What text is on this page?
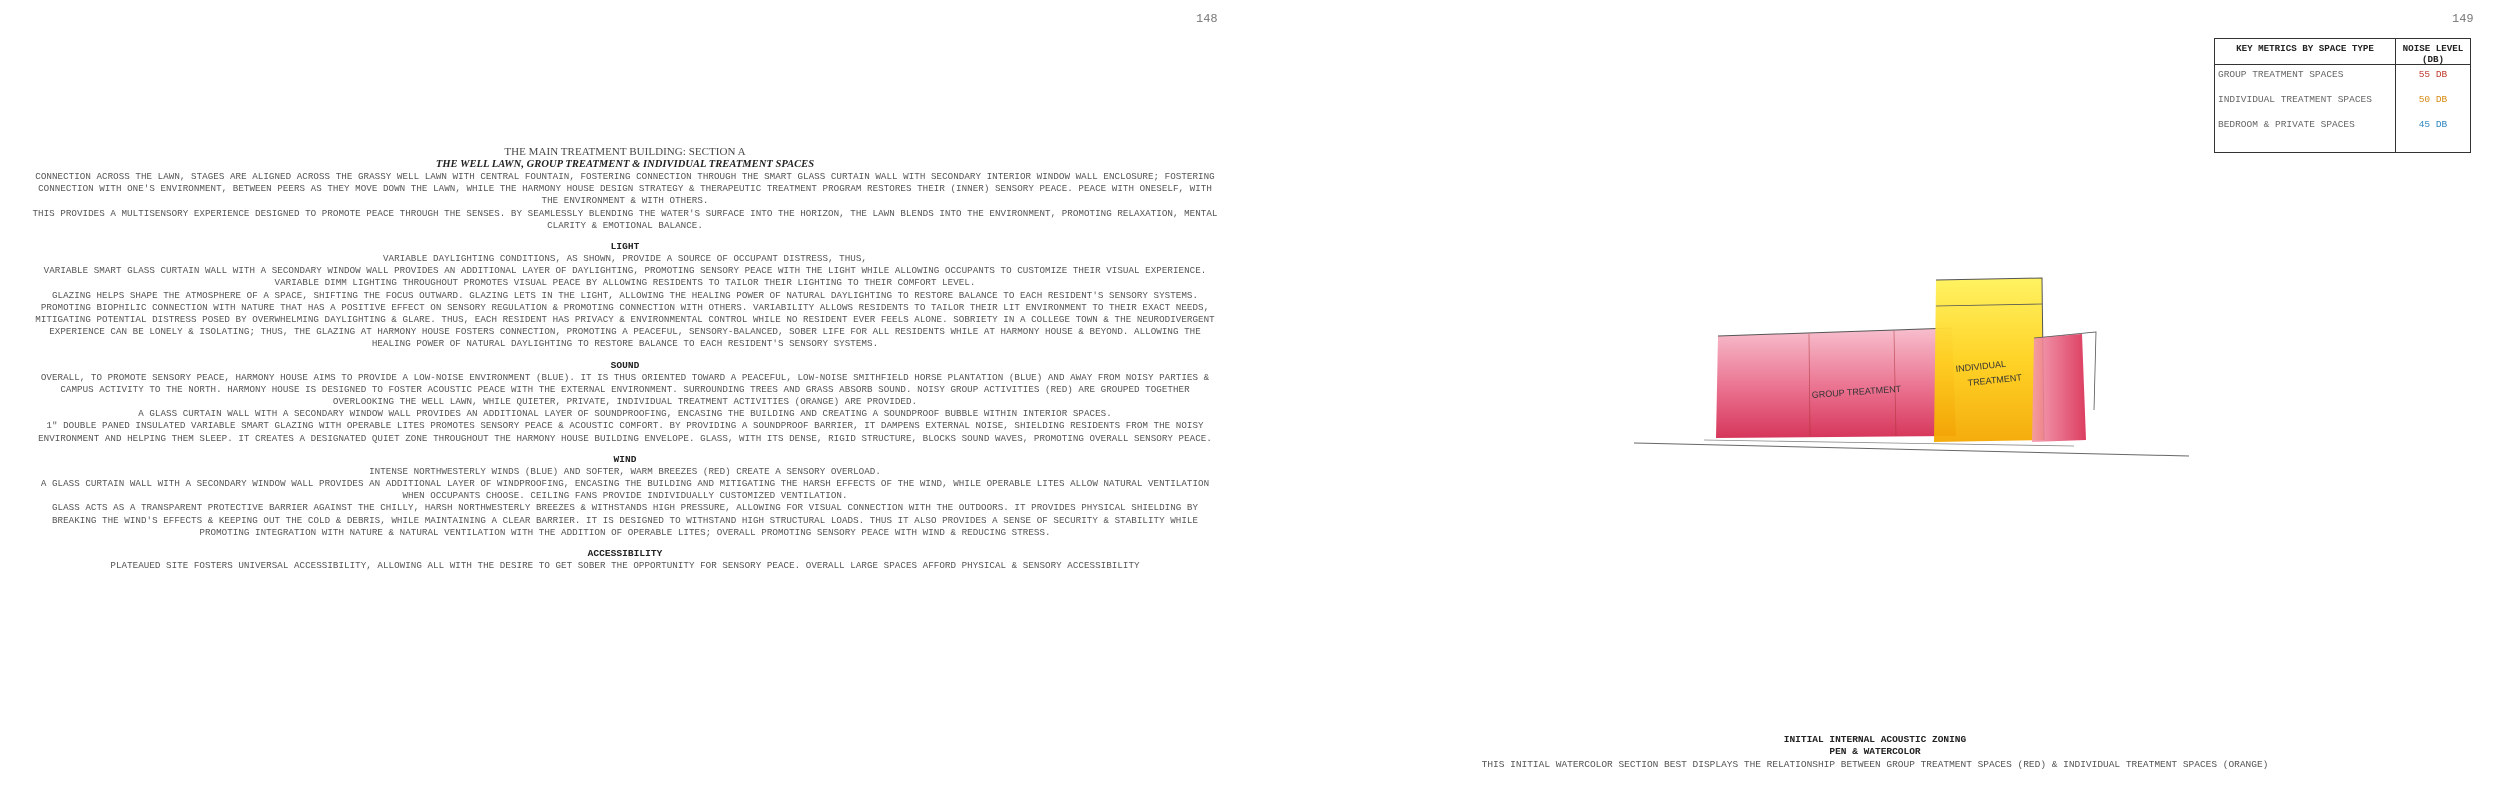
148
THE MAIN TREATMENT BUILDING: SECTION A
THE WELL LAWN, GROUP TREATMENT & INDIVIDUAL TREATMENT SPACES

CONNECTION ACROSS THE LAWN, STAGES ARE ALIGNED ACROSS THE GRASSY WELL LAWN WITH CENTRAL FOUNTAIN, FOSTERING CONNECTION THROUGH THE SMART GLASS CURTAIN WALL WITH SECONDARY INTERIOR WINDOW WALL ENCLOSURE; FOSTERING CONNECTION WITH ONE'S ENVIRONMENT, BETWEEN PEERS AS THEY MOVE DOWN THE LAWN, WHILE THE HARMONY HOUSE DESIGN STRATEGY & THERAPEUTIC TREATMENT PROGRAM RESTORES THEIR (INNER) SENSORY PEACE. PEACE WITH ONESELF, WITH THE ENVIRONMENT & WITH OTHERS.

THIS PROVIDES A MULTISENSORY EXPERIENCE DESIGNED TO PROMOTE PEACE THROUGH THE SENSES. BY SEAMLESSLY BLENDING THE WATER'S SURFACE INTO THE HORIZON, THE LAWN BLENDS INTO THE ENVIRONMENT, PROMOTING RELAXATION, MENTAL CLARITY & EMOTIONAL BALANCE.

LIGHT

VARIABLE DAYLIGHTING CONDITIONS, AS SHOWN, PROVIDE A SOURCE OF OCCUPANT DISTRESS, THUS,

VARIABLE SMART GLASS CURTAIN WALL WITH A SECONDARY WINDOW WALL PROVIDES AN ADDITIONAL LAYER OF DAYLIGHTING, PROMOTING SENSORY PEACE WITH THE LIGHT WHILE ALLOWING OCCUPANTS TO CUSTOMIZE THEIR VISUAL EXPERIENCE. VARIABLE DIMM LIGHTING THROUGHOUT PROMOTES VISUAL PEACE BY ALLOWING RESIDENTS TO TAILOR THEIR LIGHTING TO THEIR COMFORT LEVEL.

GLAZING HELPS SHAPE THE ATMOSPHERE OF A SPACE, SHIFTING THE FOCUS OUTWARD. GLAZING LETS IN THE LIGHT, ALLOWING THE HEALING POWER OF NATURAL DAYLIGHTING TO RESTORE BALANCE TO EACH RESIDENT'S SENSORY SYSTEMS. PROMOTING BIOPHILIC CONNECTION WITH NATURE THAT HAS A POSITIVE EFFECT ON SENSORY REGULATION & PROMOTING CONNECTION WITH OTHERS. VARIABILITY ALLOWS RESIDENTS TO TAILOR THEIR LIT ENVIRONMENT TO THEIR EXACT NEEDS, MITIGATING POTENTIAL DISTRESS POSED BY OVERWHELMING DAYLIGHTING & GLARE. THUS, EACH RESIDENT HAS PRIVACY & ENVIRONMENTAL CONTROL WHILE NO RESIDENT EVER FEELS ALONE. SOBRIETY IN A COLLEGE TOWN & THE NEURODIVERGENT EXPERIENCE CAN BE LONELY & ISOLATING; THUS, THE GLAZING AT HARMONY HOUSE FOSTERS CONNECTION, PROMOTING A PEACEFUL, SENSORY-BALANCED, SOBER LIFE FOR ALL RESIDENTS WHILE AT HARMONY HOUSE & BEYOND. ALLOWING THE HEALING POWER OF NATURAL DAYLIGHTING TO RESTORE BALANCE TO EACH RESIDENT'S SENSORY SYSTEMS.

SOUND

OVERALL, TO PROMOTE SENSORY PEACE, HARMONY HOUSE AIMS TO PROVIDE A LOW-NOISE ENVIRONMENT (BLUE). IT IS THUS ORIENTED TOWARD A PEACEFUL, LOW-NOISE SMITHFIELD HORSE PLANTATION (BLUE) AND AWAY FROM NOISY PARTIES & CAMPUS ACTIVITY TO THE NORTH. HARMONY HOUSE IS DESIGNED TO FOSTER ACOUSTIC PEACE WITH THE EXTERNAL ENVIRONMENT. SURROUNDING TREES AND GRASS ABSORB SOUND. NOISY GROUP ACTIVITIES (RED) ARE GROUPED TOGETHER OVERLOOKING THE WELL LAWN, WHILE QUIETER, PRIVATE, INDIVIDUAL TREATMENT ACTIVITIES (ORANGE) ARE PROVIDED.

A GLASS CURTAIN WALL WITH A SECONDARY WINDOW WALL PROVIDES AN ADDITIONAL LAYER OF SOUNDPROOFING, ENCASING THE BUILDING AND CREATING A SOUNDPROOF BUBBLE WITHIN INTERIOR SPACES.

1" DOUBLE PANED INSULATED VARIABLE SMART GLAZING WITH OPERABLE LITES PROMOTES SENSORY PEACE & ACOUSTIC COMFORT. BY PROVIDING A SOUNDPROOF BARRIER, IT DAMPENS EXTERNAL NOISE, SHIELDING RESIDENTS FROM THE NOISY ENVIRONMENT AND HELPING THEM SLEEP. IT CREATES A DESIGNATED QUIET ZONE THROUGHOUT THE HARMONY HOUSE BUILDING ENVELOPE. GLASS, WITH ITS DENSE, RIGID STRUCTURE, BLOCKS SOUND WAVES, PROMOTING OVERALL SENSORY PEACE.

WIND

INTENSE NORTHWESTERLY WINDS (BLUE) AND SOFTER, WARM BREEZES (RED) CREATE A SENSORY OVERLOAD.

A GLASS CURTAIN WALL WITH A SECONDARY WINDOW WALL PROVIDES AN ADDITIONAL LAYER OF WINDPROOFING, ENCASING THE BUILDING AND MITIGATING THE HARSH EFFECTS OF THE WIND, WHILE OPERABLE LITES ALLOW NATURAL VENTILATION WHEN OCCUPANTS CHOOSE. CEILING FANS PROVIDE INDIVIDUALLY CUSTOMIZED VENTILATION.

GLASS ACTS AS A TRANSPARENT PROTECTIVE BARRIER AGAINST THE CHILLY, HARSH NORTHWESTERLY BREEZES & WITHSTANDS HIGH PRESSURE, ALLOWING FOR VISUAL CONNECTION WITH THE OUTDOORS. IT PROVIDES PHYSICAL SHIELDING BY BREAKING THE WIND'S EFFECTS & KEEPING OUT THE COLD & DEBRIS, WHILE MAINTAINING A CLEAR BARRIER. IT IS DESIGNED TO WITHSTAND HIGH STRUCTURAL LOADS. THUS IT ALSO PROVIDES A SENSE OF SECURITY & STABILITY WHILE PROMOTING INTEGRATION WITH NATURE & NATURAL VENTILATION WITH THE ADDITION OF OPERABLE LITES; OVERALL PROMOTING SENSORY PEACE WITH WIND & REDUCING STRESS.

ACCESSIBILITY

PLATEAUED SITE FOSTERS UNIVERSAL ACCESSIBILITY, ALLOWING ALL WITH THE DESIRE TO GET SOBER THE OPPORTUNITY FOR SENSORY PEACE. OVERALL LARGE SPACES AFFORD PHYSICAL & SENSORY ACCESSIBILITY

149
KEY METRICS BY SPACE TYPE	NOISE LEVEL (DB)
GROUP TREATMENT SPACES	55 DB
INDIVIDUAL TREATMENT SPACES	50 DB
BEDROOM & PRIVATE SPACES	45 DB
GROUP TREATMENT
INDIVIDUAL
TREATMENT
INITIAL INTERNAL ACOUSTIC ZONING
PEN & WATERCOLOR
THIS INITIAL WATERCOLOR SECTION BEST DISPLAYS THE RELATIONSHIP BETWEEN GROUP TREATMENT SPACES (RED) & INDIVIDUAL TREATMENT SPACES (ORANGE)
